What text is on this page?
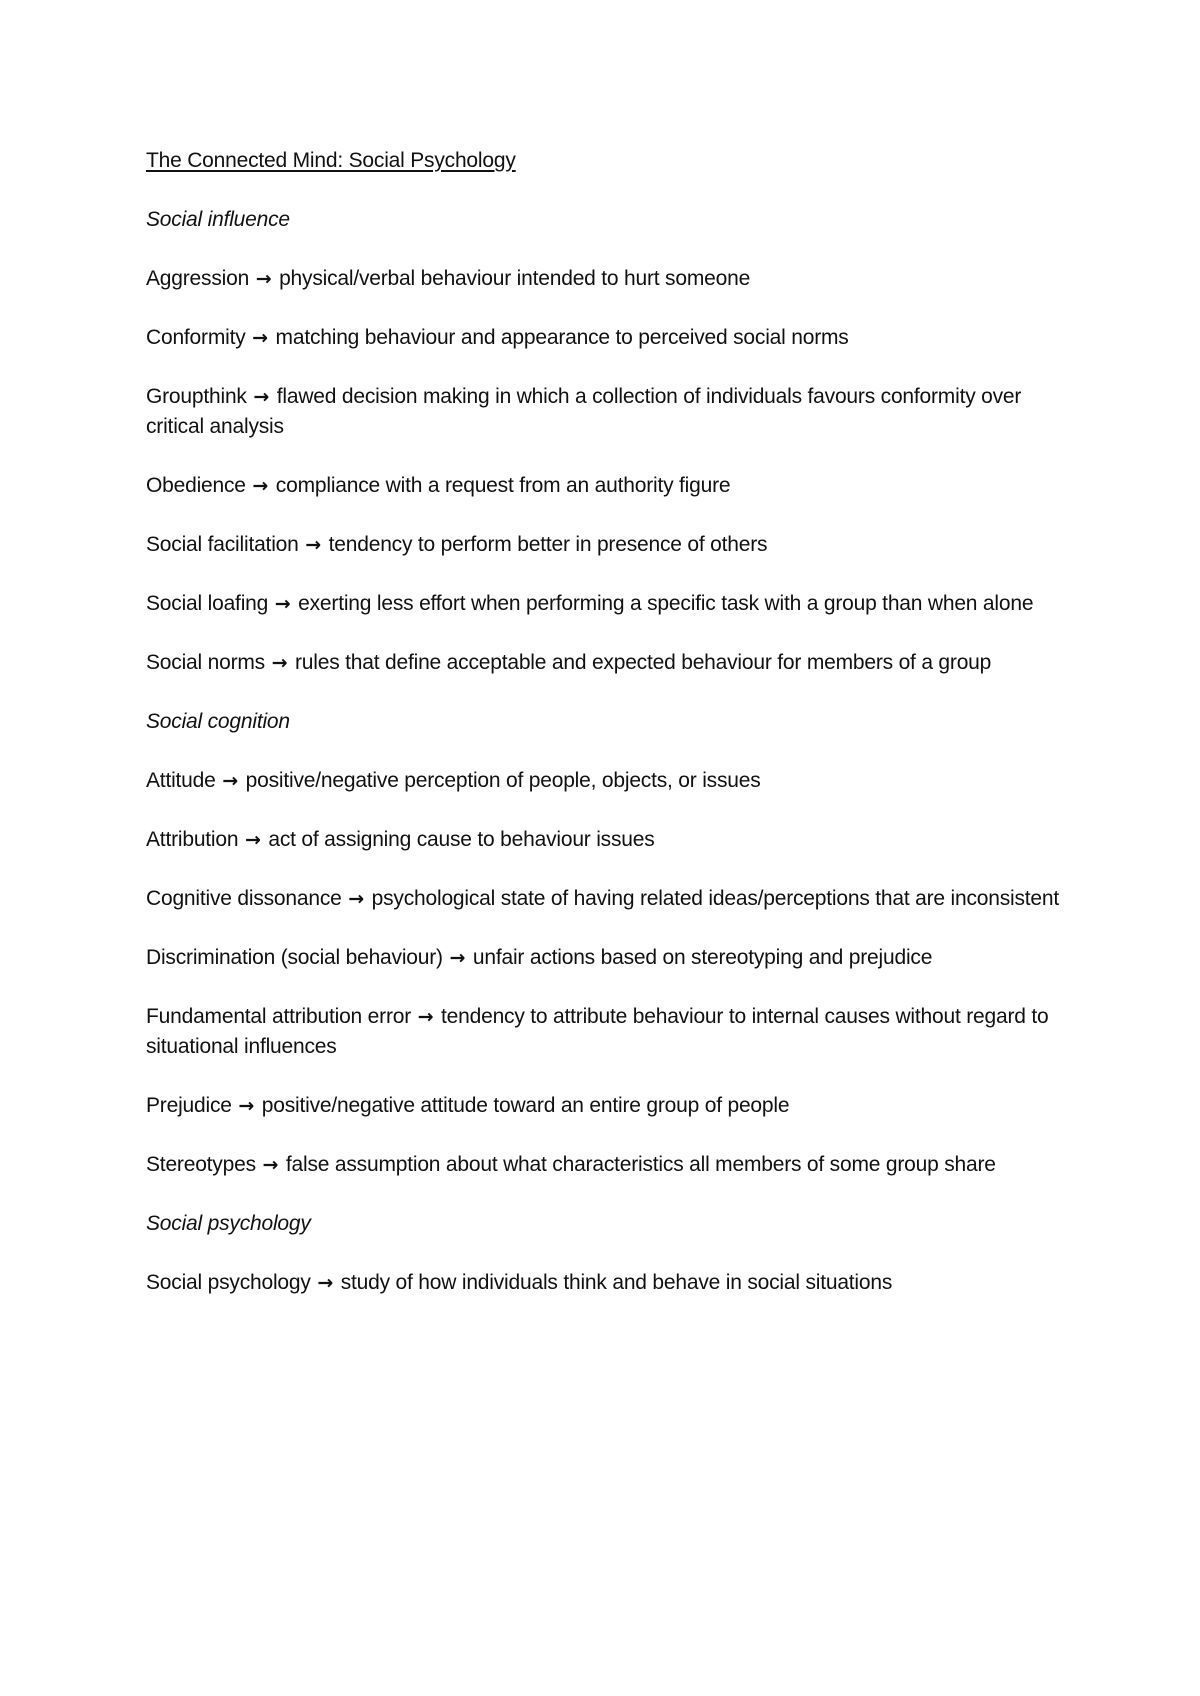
The Connected Mind: Social Psychology
Social influence
Aggression → physical/verbal behaviour intended to hurt someone
Conformity → matching behaviour and appearance to perceived social norms
Groupthink → flawed decision making in which a collection of individuals favours conformity over critical analysis
Obedience → compliance with a request from an authority figure
Social facilitation → tendency to perform better in presence of others
Social loafing → exerting less effort when performing a specific task with a group than when alone
Social norms → rules that define acceptable and expected behaviour for members of a group
Social cognition
Attitude → positive/negative perception of people, objects, or issues
Attribution → act of assigning cause to behaviour issues
Cognitive dissonance → psychological state of having related ideas/perceptions that are inconsistent
Discrimination (social behaviour) → unfair actions based on stereotyping and prejudice
Fundamental attribution error → tendency to attribute behaviour to internal causes without regard to situational influences
Prejudice → positive/negative attitude toward an entire group of people
Stereotypes → false assumption about what characteristics all members of some group share
Social psychology
Social psychology → study of how individuals think and behave in social situations
